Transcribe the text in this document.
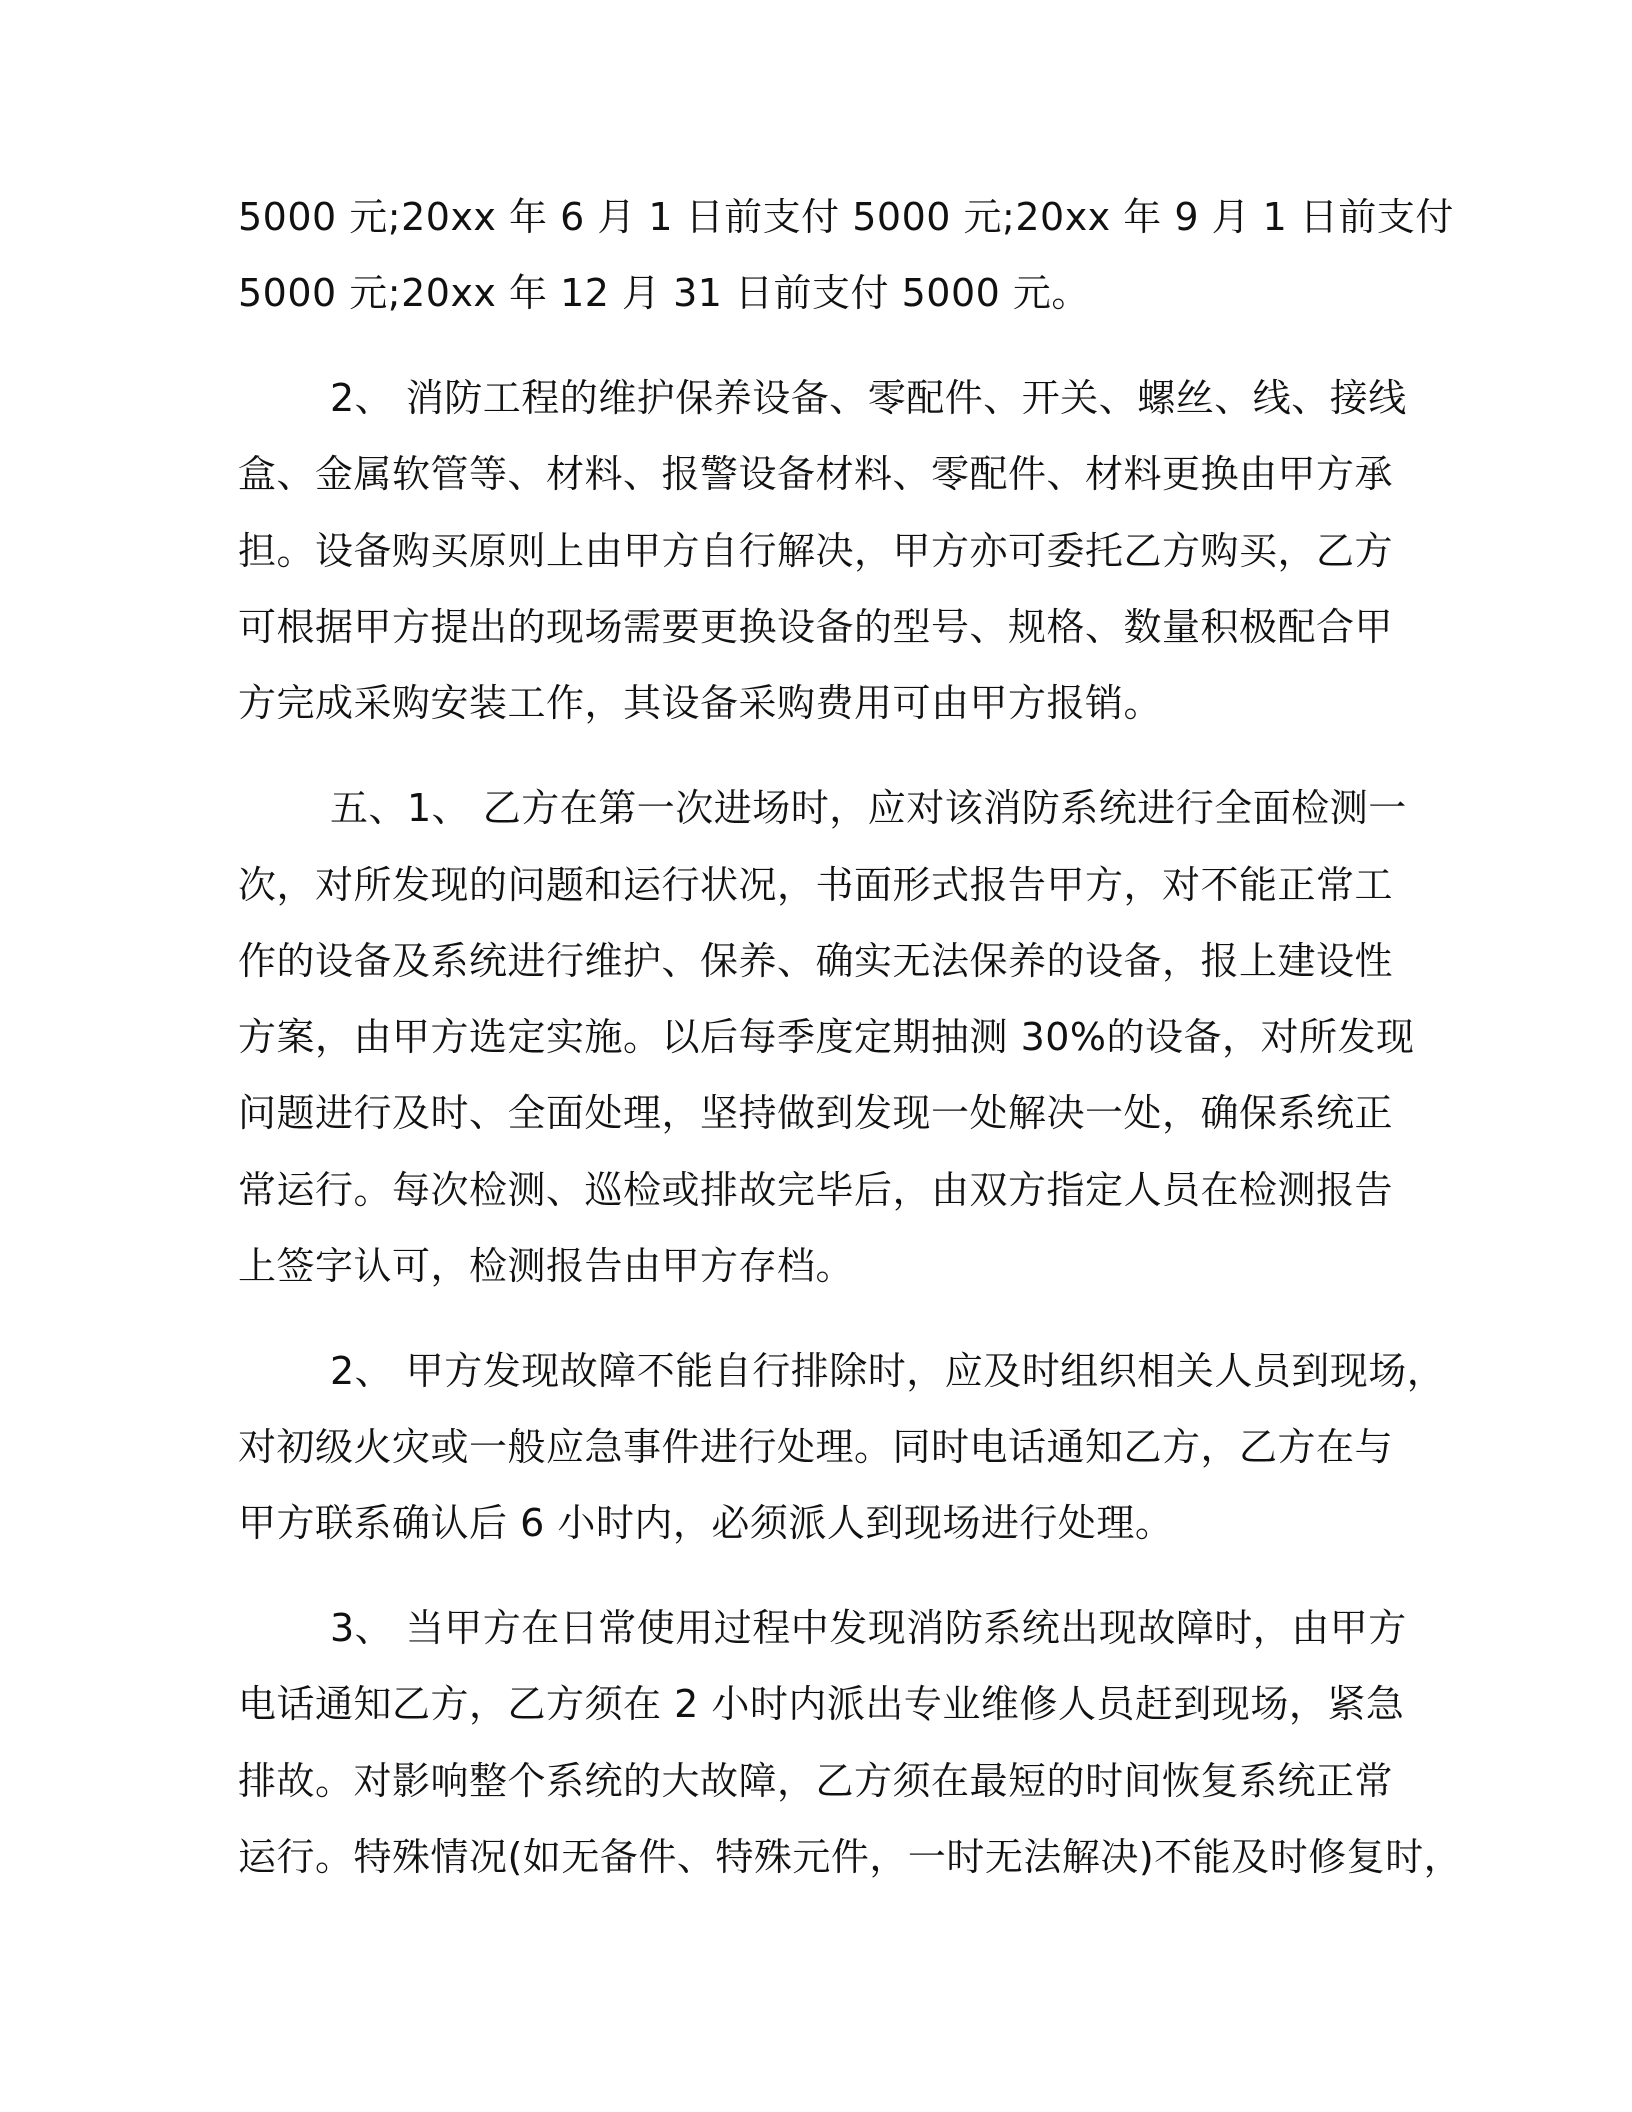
5000 元;20xx 年 6 月 1 日前支付 5000 元;20xx 年 9 月 1 日前支付

5000 元;20xx 年 12 月 31 日前支付 5000 元。

2、 消防工程的维护保养设备、零配件、开关、螺丝、线、接线

盒、金属软管等、材料、报警设备材料、零配件、材料更换由甲方承

担。设备购买原则上由甲方自行解决，甲方亦可委托乙方购买，乙方

可根据甲方提出的现场需要更换设备的型号、规格、数量积极配合甲

方完成采购安装工作，其设备采购费用可由甲方报销。

五、1、 乙方在第一次进场时，应对该消防系统进行全面检测一

次，对所发现的问题和运行状况，书面形式报告甲方，对不能正常工

作的设备及系统进行维护、保养、确实无法保养的设备，报上建设性

方案，由甲方选定实施。以后每季度定期抽测 30%的设备，对所发现

问题进行及时、全面处理，坚持做到发现一处解决一处，确保系统正

常运行。每次检测、巡检或排故完毕后，由双方指定人员在检测报告

上签字认可，检测报告由甲方存档。

2、 甲方发现故障不能自行排除时，应及时组织相关人员到现场，

对初级火灾或一般应急事件进行处理。同时电话通知乙方，乙方在与

甲方联系确认后 6 小时内，必须派人到现场进行处理。

3、 当甲方在日常使用过程中发现消防系统出现故障时，由甲方

电话通知乙方，乙方须在 2 小时内派出专业维修人员赶到现场，紧急

排故。对影响整个系统的大故障，乙方须在最短的时间恢复系统正常

运行。特殊情况(如无备件、特殊元件，一时无法解决)不能及时修复时，
